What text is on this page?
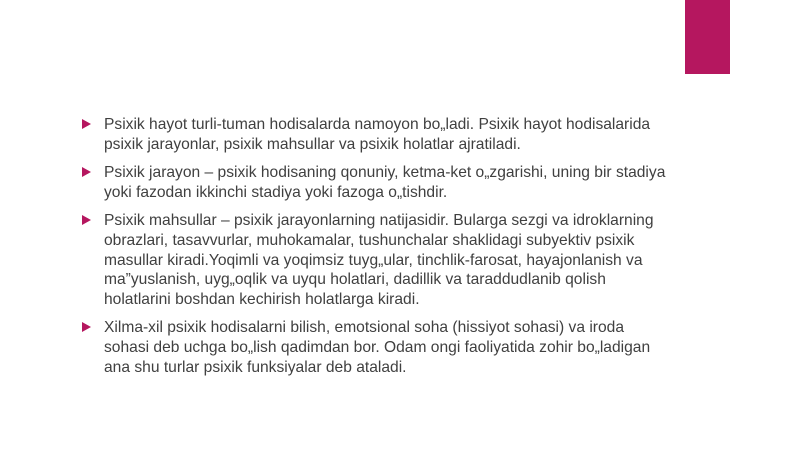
Psixik hayot turli-tuman hodisalarda namoyon bo„ladi. Psixik hayot hodisalarida psixik jarayonlar, psixik mahsullar va psixik holatlar ajratiladi.
Psixik jarayon – psixik hodisaning qonuniy, ketma-ket o„zgarishi, uning bir stadiya yoki fazodan ikkinchi stadiya yoki fazoga o„tishdir.
Psixik mahsullar – psixik jarayonlarning natijasidir. Bularga sezgi va idroklarning obrazlari, tasavvurlar, muhokamalar, tushunchalar shaklidagi subyektiv psixik masullar kiradi.Yoqimli va yoqimsiz tuyg„ular, tinchlik-farosat, hayajonlanish va ma”yuslanish, uyg„oqlik va uyqu holatlari, dadillik va taraddudlanib qolish holatlarini boshdan kechirish holatlarga kiradi.
Xilma-xil psixik hodisalarni bilish, emotsional soha (hissiyot sohasi) va iroda sohasi deb uchga bo„lish qadimdan bor. Odam ongi faoliyatida zohir bo„ladigan ana shu turlar psixik funksiyalar deb ataladi.
